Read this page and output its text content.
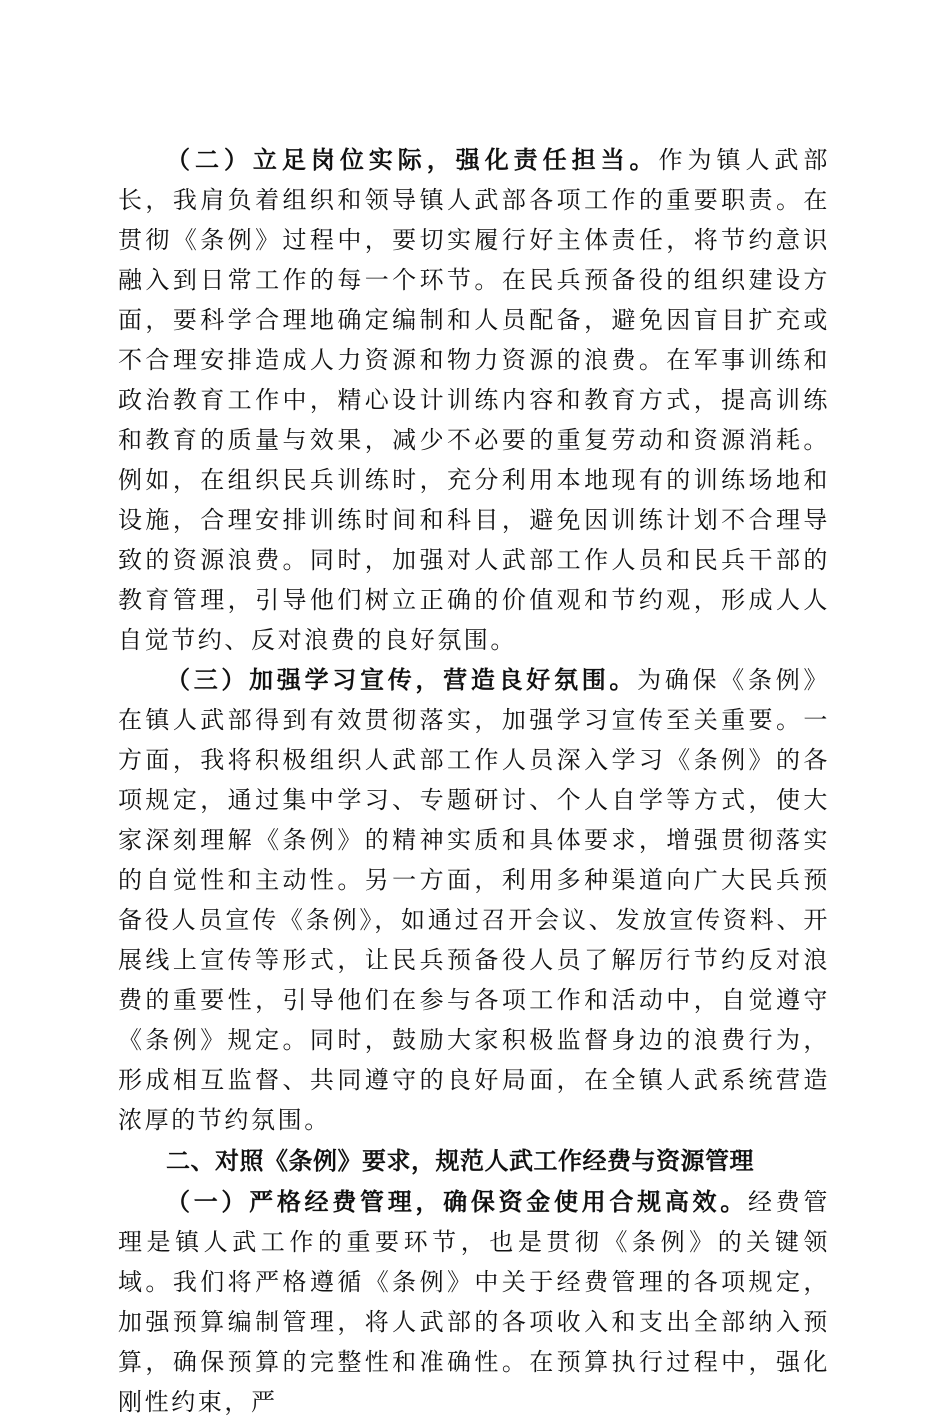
（二）立足岗位实际，强化责任担当。作为镇人武部长，我肩负着组织和领导镇人武部各项工作的重要职责。在贯彻《条例》过程中，要切实履行好主体责任，将节约意识融入到日常工作的每一个环节。在民兵预备役的组织建设方面，要科学合理地确定编制和人员配备，避免因盲目扩充或不合理安排造成人力资源和物力资源的浪费。在军事训练和政治教育工作中，精心设计训练内容和教育方式，提高训练和教育的质量与效果，减少不必要的重复劳动和资源消耗。例如，在组织民兵训练时，充分利用本地现有的训练场地和设施，合理安排训练时间和科目，避免因训练计划不合理导致的资源浪费。同时，加强对人武部工作人员和民兵干部的教育管理，引导他们树立正确的价值观和节约观，形成人人自觉节约、反对浪费的良好氛围。

（三）加强学习宣传，营造良好氛围。为确保《条例》在镇人武部得到有效贯彻落实，加强学习宣传至关重要。一方面，我将积极组织人武部工作人员深入学习《条例》的各项规定，通过集中学习、专题研讨、个人自学等方式，使大家深刻理解《条例》的精神实质和具体要求，增强贯彻落实的自觉性和主动性。另一方面，利用多种渠道向广大民兵预备役人员宣传《条例》，如通过召开会议、发放宣传资料、开展线上宣传等形式，让民兵预备役人员了解厉行节约反对浪费的重要性，引导他们在参与各项工作和活动中，自觉遵守《条例》规定。同时，鼓励大家积极监督身边的浪费行为，形成相互监督、共同遵守的良好局面，在全镇人武系统营造浓厚的节约氛围。

二、对照《条例》要求，规范人武工作经费与资源管理

（一）严格经费管理，确保资金使用合规高效。经费管理是镇人武工作的重要环节，也是贯彻《条例》的关键领域。我们将严格遵循《条例》中关于经费管理的各项规定，加强预算编制管理，将人武部的各项收入和支出全部纳入预算，确保预算的完整性和准确性。在预算执行过程中，强化刚性约束，严
